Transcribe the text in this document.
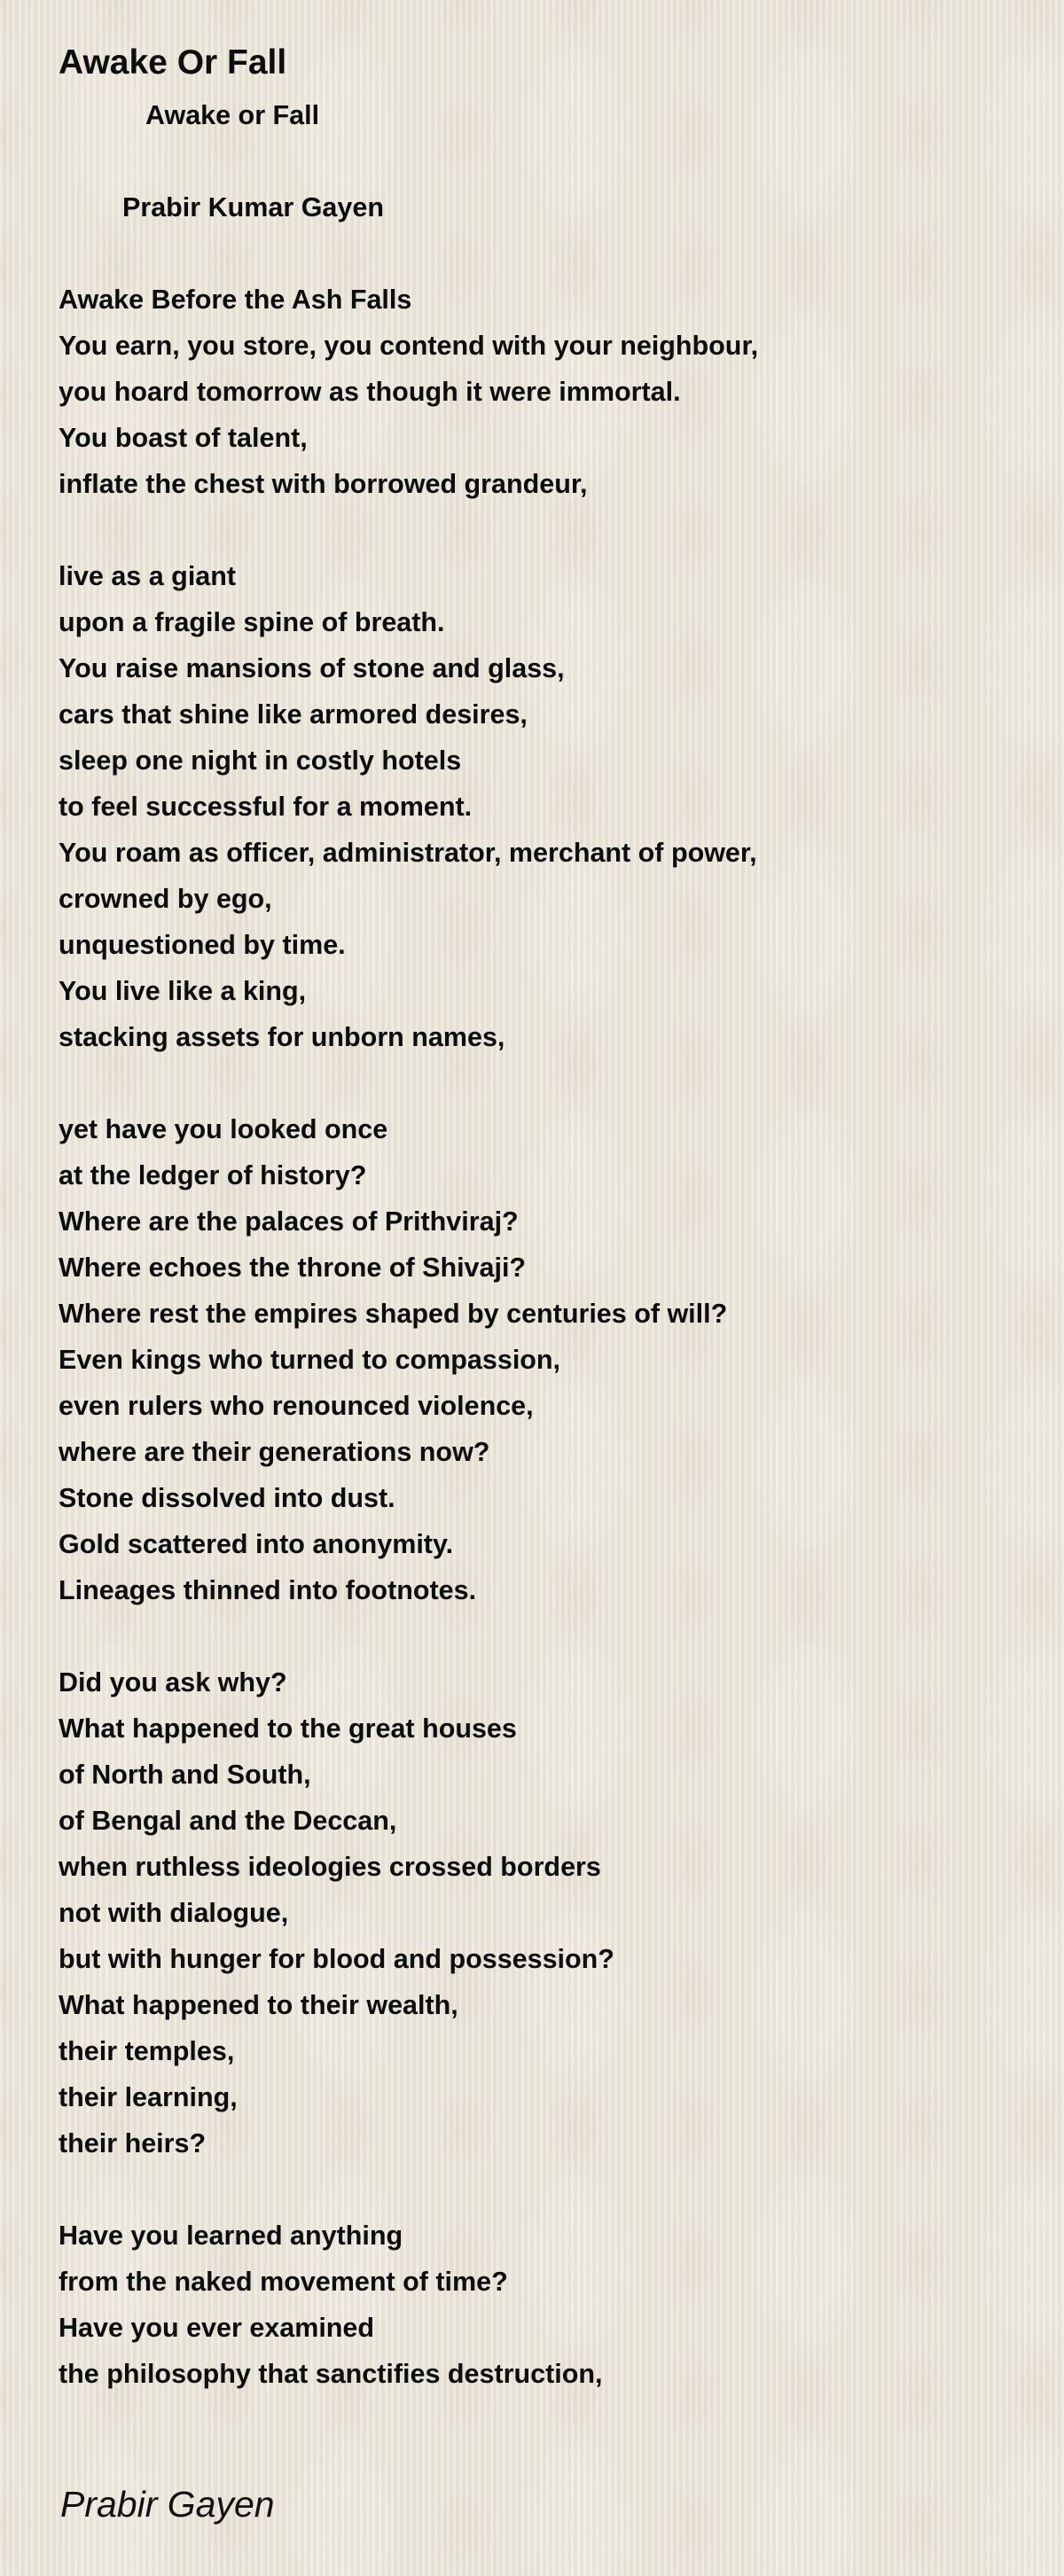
Awake Or Fall
Awake or Fall
Prabir Kumar Gayen
Awake Before the Ash Falls
You earn, you store, you contend with your neighbour,
you hoard tomorrow as though it were immortal.
You boast of talent,
inflate the chest with borrowed grandeur,
live as a giant
upon a fragile spine of breath.
You raise mansions of stone and glass,
cars that shine like armored desires,
sleep one night in costly hotels
to feel successful for a moment.
You roam as officer, administrator, merchant of power,
crowned by ego,
unquestioned by time.
You live like a king,
stacking assets for unborn names,
yet have you looked once
at the ledger of history?
Where are the palaces of Prithviraj?
Where echoes the throne of Shivaji?
Where rest the empires shaped by centuries of will?
Even kings who turned to compassion,
even rulers who renounced violence,
where are their generations now?
Stone dissolved into dust.
Gold scattered into anonymity.
Lineages thinned into footnotes.
Did you ask why?
What happened to the great houses
of North and South,
of Bengal and the Deccan,
when ruthless ideologies crossed borders
not with dialogue,
but with hunger for blood and possession?
What happened to their wealth,
their temples,
their learning,
their heirs?
Have you learned anything
from the naked movement of time?
Have you ever examined
the philosophy that sanctifies destruction,
Prabir Gayen
